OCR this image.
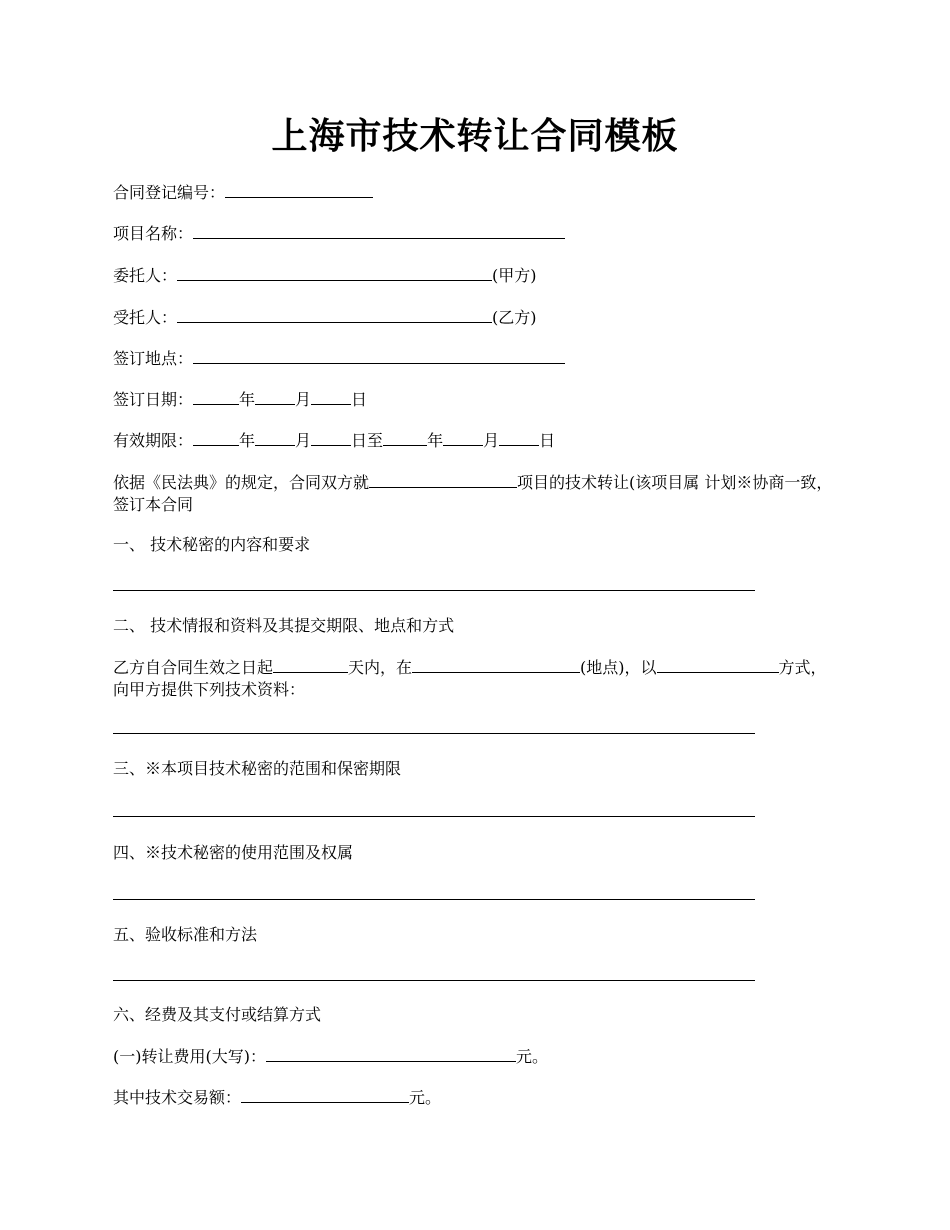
上海市技术转让合同模板

合同登记编号：

项目名称：

委托人：	(甲方)

受托人：	(乙方)

签订地点：

签订日期：	年	月	日

有效期限：	年	月	日至	年	月	日

依据《民法典》的规定，合同双方就	项目的技术转让(该项目属 计划※协商一致，签订本合同

一、 技术秘密的内容和要求

二、 技术情报和资料及其提交期限、地点和方式

乙方自合同生效之日起	天内，在	(地点)，以	方式，向甲方提供下列技术资料：

三、※本项目技术秘密的范围和保密期限

四、※技术秘密的使用范围及权属

五、验收标准和方法

六、经费及其支付或结算方式

(一)转让费用(大写)：	元。

其中技术交易额：	元。
